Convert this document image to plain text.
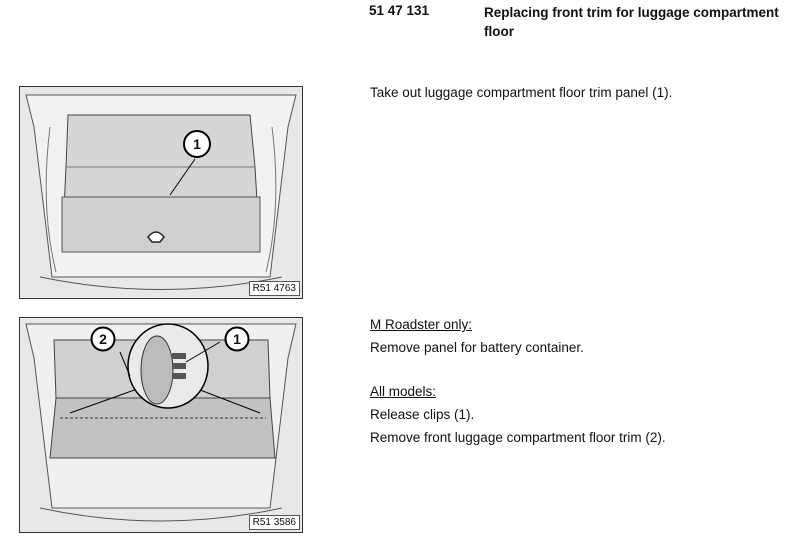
51 47 131	Replacing front trim for luggage compartment floor
1
R51 4763
2	1
R51 3586
Take out luggage compartment floor trim panel (1).
M Roadster only:
Remove panel for battery container.
All models:
Release clips (1).
Remove front luggage compartment floor trim (2).
